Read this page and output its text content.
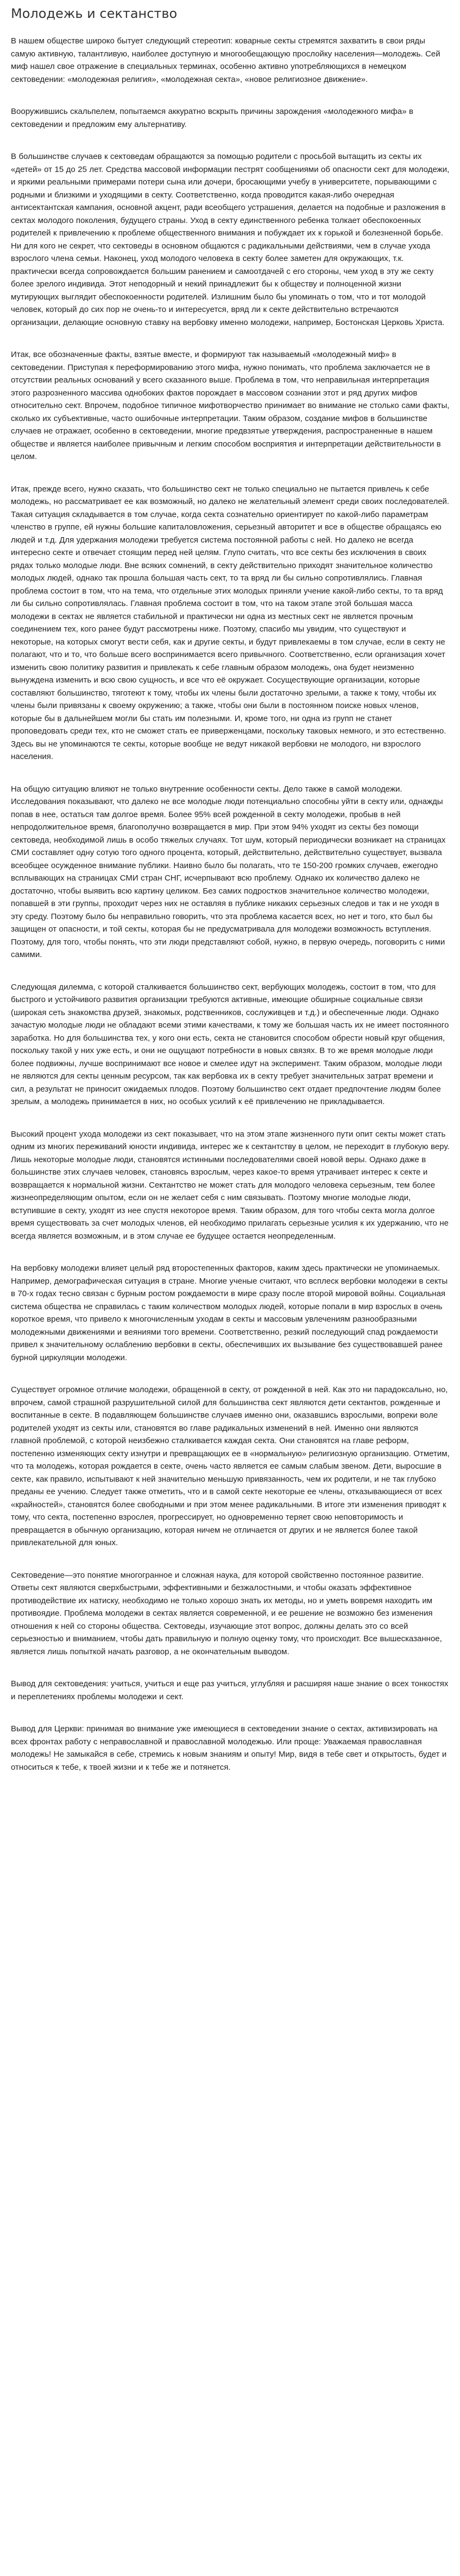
Молодежь и сектанство

В нашем обществе широко бытует следующий стереотип: коварные секты стремятся захватить в свои ряды самую активную, талантливую, наиболее доступную и многообещающую прослойку населения—молодежь. Сей миф нашел свое отражение в специальных терминах, особенно активно употребляющихся в немецком сектоведении: «молодежная религия», «молодежная секта», «новое религиозное движение».

Вооружившись скальпелем, попытаемся аккуратно вскрыть причины зарождения «молодежного мифа» в сектоведении и предложим ему альтернативу.

В большинстве случаев к сектоведам обращаются за помощью родители с просьбой вытащить из секты их «детей» от 15 до 25 лет. Средства массовой информации пестрят сообщениями об опасности сект для молодежи, и яркими реальными примерами потери сына или дочери, бросающими учебу в университете, порывающими с родными и близкими и уходящими в секту. Соответственно, когда проводится какая-либо очередная антисектантская кампания, основной акцент, ради всеобщего устрашения, делается на подобные и разложения в сектах молодого поколения, будущего страны. Уход в секту единственного ребенка толкает обеспокоенных родителей к привлечению к проблеме общественного внимания и побуждает их к горькой и болезненной борьбе. Ни для кого не секрет, что сектоведы в основном общаются с радикальными действиями, чем в случае ухода взрослого члена семьи. Наконец, уход молодого человека в секту более заметен для окружающих, т.к. практически всегда сопровождается большим ранением и самоотдачей с его стороны, чем уход в эту же секту более зрелого индивида. Этот неподорный и некий принадлежит бы к обществу и полноценной жизни мутирующих выглядит обеспокоенности родителей. Излишним было бы упоминать о том, что и тот молодой человек, который до сих пор не очень-то и интересуется, вряд ли к секте действительно встречаются организации, делающие основную ставку на вербовку именно молодежи, например, Бостонская Церковь Христа.

Итак, все обозначенные факты, взятые вместе, и формируют так называемый «молодежный миф» в сектоведении. Приступая к переформированию этого мифа, нужно понимать, что проблема заключается не в отсутствии реальных оснований у всего сказанного выше. Проблема в том, что неправильная интерпретация этого разрозненного массива однобоких фактов порождает в массовом сознании этот и ряд других мифов относительно сект. Впрочем, подобное типичное мифотворчество принимает во внимание не столько сами факты, сколько их субъективные, часто ошибочные интерпретации. Таким образом, создание мифов в большинстве случаев не отражает, особенно в сектоведении, многие предвзятые утверждения, распространенные в нашем обществе и является наиболее привычным и легким способом восприятия и интерпретации действительности в целом.

Итак, прежде всего, нужно сказать, что большинство сект не только специально не пытается привлечь к себе молодежь, но рассматривает ее как возможный, но далеко не желательный элемент среди своих последователей. Такая ситуация складывается в том случае, когда секта сознательно ориентирует по какой-либо параметрам членство в группе, ей нужны большие капиталовложения, серьезный авторитет и все в обществе обращаясь ею людей и т.д. Для удержания молодежи требуется система постоянной работы с ней. Но далеко не всегда интересно секте и отвечает стоящим перед ней целям. Глупо считать, что все секты без исключения в своих рядах только молодые люди. Вне всяких сомнений, в секту действительно приходят значительное количество молодых людей, однако так прошла большая часть сект, то та вряд ли бы сильно сопротивлялись. Главная проблема состоит в том, что на тема, что отдельные этих молодых приняли учение какой-либо секты, то та вряд ли бы сильно сопротивлялась. Главная проблема состоит в том, что на таком этапе этой большая масса молодежи в сектах не является стабильной и практически ни одна из местных сект не является прочным соединением тех, кого ранее будут рассмотрены ниже. Поэтому, спасибо мы увидим, что существуют и некоторые, на которых смогут вести себя, как и другие секты, и будут привлекаемы в том случае, если в секту не полагают, что и то, что больше всего воспринимается всего привычного. Соответственно, если организация хочет изменить свою политику развития и привлекать к себе главным образом молодежь, она будет неизменно вынуждена изменить и всю свою сущность, и все что её окружает. Сосуществующие организации, которые составляют большинство, тяготеют к тому, чтобы их члены были достаточно зрелыми, а также к тому, чтобы их члены были привязаны к своему окружению; а также, чтобы они были в постоянном поиске новых членов, которые бы в дальнейшем могли бы стать им полезными. И, кроме того, ни одна из групп не станет проповедовать среди тех, кто не сможет стать ее приверженцами, поскольку таковых немного, и это естественно. Здесь вы не упоминаются те секты, которые вообще не ведут никакой вербовки не молодого, ни взрослого населения.

На общую ситуацию влияют не только внутренние особенности секты. Дело также в самой молодежи. Исследования показывают, что далеко не все молодые люди потенциально способны уйти в секту или, однажды попав в нее, остаться там долгое время. Более 95% всей рожденной в секту молодежи, пробыв в ней непродолжительное время, благополучно возвращается в мир. При этом 94% уходят из секты без помощи сектоведа, необходимой лишь в особо тяжелых случаях. Тот шум, который периодически возникает на страницах СМИ составляет одну сотую того одного процента, который, действительно, действительно существует, вызвала всеобщее осужденное внимание публики. Наивно было бы полагать, что те 150-200 громких случаев, ежегодно всплывающих на страницах СМИ стран СНГ, исчерпывают всю проблему. Однако их количество далеко не достаточно, чтобы выявить всю картину целиком. Без самих подростков значительное количество молодежи, попавшей в эти группы, проходит через них не оставляя в публике никаких серьезных следов и так и не уходя в эту среду. Поэтому было бы неправильно говорить, что эта проблема касается всех, но нет и того, кто был бы защищен от опасности, и той секты, которая бы не предусматривала для молодежи возможность вступления. Поэтому, для того, чтобы понять, что эти люди представляют собой, нужно, в первую очередь, поговорить с ними самими.

Следующая дилемма, с которой сталкивается большинство сект, вербующих молодежь, состоит в том, что для быстрого и устойчивого развития организации требуются активные, имеющие обширные социальные связи (широкая сеть знакомства друзей, знакомых, родственников, сослуживцев и т.д.) и обеспеченные люди. Однако зачастую молодые люди не обладают всеми этими качествами, к тому же большая часть их не имеет постоянного заработка. Но для большинства тех, у кого они есть, секта не становится способом обрести новый круг общения, поскольку такой у них уже есть, и они не ощущают потребности в новых связях. В то же время молодые люди более подвижны, лучше воспринимают все новое и смелее идут на эксперимент. Таким образом, молодые люди не являются для секты ценным ресурсом, так как вербовка их в секту требует значительных затрат времени и сил, а результат не приносит ожидаемых плодов. Поэтому большинство сект отдает предпочтение людям более зрелым, а молодежь принимается в них, но особых усилий к её привлечению не прикладывается.

Высокий процент ухода молодежи из сект показывает, что на этом этапе жизненного пути опит секты может стать одним из многих переживаний юности индивида, интерес же к сектантству в целом, не переходит в глубокую веру. Лишь некоторые молодые люди, становятся истинными последователями своей новой веры. Однако даже в большинстве этих случаев человек, становясь взрослым, через какое-то время утрачивает интерес к секте и возвращается к нормальной жизни. Сектантство не может стать для молодого человека серьезным, тем более жизнеопределяющим опытом, если он не желает себя с ним связывать. Поэтому многие молодые люди, вступившие в секту, уходят из нее спустя некоторое время. Таким образом, для того чтобы секта могла долгое время существовать за счет молодых членов, ей необходимо прилагать серьезные усилия к их удержанию, что не всегда является возможным, и в этом случае ее будущее остается неопределенным.

На вербовку молодежи влияет целый ряд второстепенных факторов, каким здесь практически не упоминаемых. Например, демографическая ситуация в стране. Многие ученые считают, что всплеск вербовки молодежи в секты в 70-х годах тесно связан с бурным ростом рождаемости в мире сразу после второй мировой войны. Социальная система общества не справилась с таким количеством молодых людей, которые попали в мир взрослых в очень короткое время, что привело к многочисленным уходам в секты и массовым увлечениям разнообразными молодежными движениями и веяниями того времени. Соответственно, резкий последующий спад рождаемости привел к значительному ослаблению вербовки в секты, обеспечивших их вызывание без существовавшей ранее бурной циркуляции молодежи.

Существует огромное отличие молодежи, обращенной в секту, от рожденной в ней. Как это ни парадоксально, но, впрочем, самой страшной разрушительной силой для большинства сект являются дети сектантов, рожденные и воспитанные в секте. В подавляющем большинстве случаев именно они, оказавшись взрослыми, вопреки воле родителей уходят из секты или, становятся во главе радикальных изменений в ней. Именно они являются главной проблемой, с которой неизбежно сталкивается каждая секта. Они становятся на главе реформ, постепенно изменяющих секту изнутри и превращающих ее в «нормальную» религиозную организацию. Отметим, что та молодежь, которая рождается в секте, очень часто является ее самым слабым звеном. Дети, выросшие в секте, как правило, испытывают к ней значительно меньшую привязанность, чем их родители, и не так глубоко преданы ее учению. Следует также отметить, что и в самой секте некоторые ее члены, отказывающиеся от всех «крайностей», становятся более свободными и при этом менее радикальными. В итоге эти изменения приводят к тому, что секта, постепенно взрослея, прогрессирует, но одновременно теряет свою неповторимость и превращается в обычную организацию, которая ничем не отличается от других и не является более такой привлекательной для юных.

Сектоведение—это понятие многогранное и сложная наука, для которой свойственно постоянное развитие. Ответы сект являются сверхбыстрыми, эффективными и безжалостными, и чтобы оказать эффективное противодействие их натиску, необходимо не только хорошо знать их методы, но и уметь вовремя находить им противоядие. Проблема молодежи в сектах является современной, и ее решение не возможно без изменения отношения к ней со стороны общества. Сектоведы, изучающие этот вопрос, должны делать это со всей серьезностью и вниманием, чтобы дать правильную и полную оценку тому, что происходит. Все вышесказанное, является лишь попыткой начать разговор, а не окончательным выводом.

Вывод для сектоведения: учиться, учиться и еще раз учиться, углубляя и расширяя наше знание о всех тонкостях и переплетениях проблемы молодежи и сект.

Вывод для Церкви: принимая во внимание уже имеющиеся в сектоведении знание о сектах, активизировать на всех фронтах работу с неправославной и православной молодежью. Или проще: Уважаемая православная молодежь! Не замыкайся в себе, стремись к новым знаниям и опыту! Мир, видя в тебе свет и открытость, будет и относиться к тебе, к твоей жизни и к тебе же и потянется.
